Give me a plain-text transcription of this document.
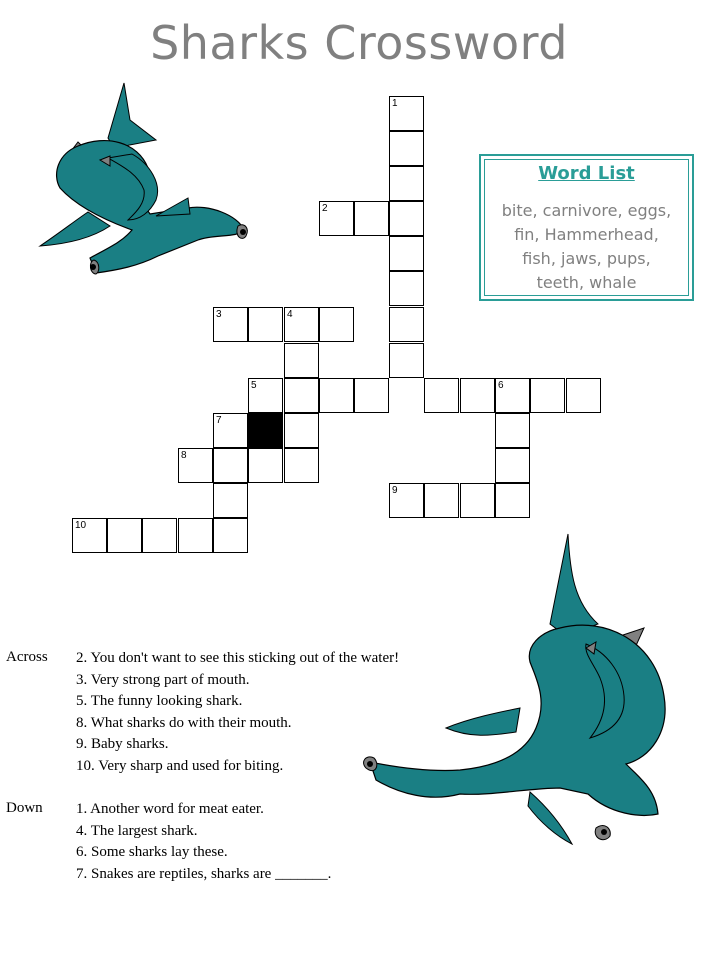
Sharks Crossword
1
2
3	4
5	6
7
8
9
10
Word List
bite, carnivore, eggs,
fin, Hammerhead,
fish, jaws, pups,
teeth, whale
Across 2. You don't want to see this sticking out of the water!
3. Very strong part of mouth.
5. The funny looking shark.
8. What sharks do with their mouth.
9. Baby sharks.
10. Very sharp and used for biting.
Down 1. Another word for meat eater.
4. The largest shark.
6. Some sharks lay these.
7. Snakes are reptiles, sharks are _______.
